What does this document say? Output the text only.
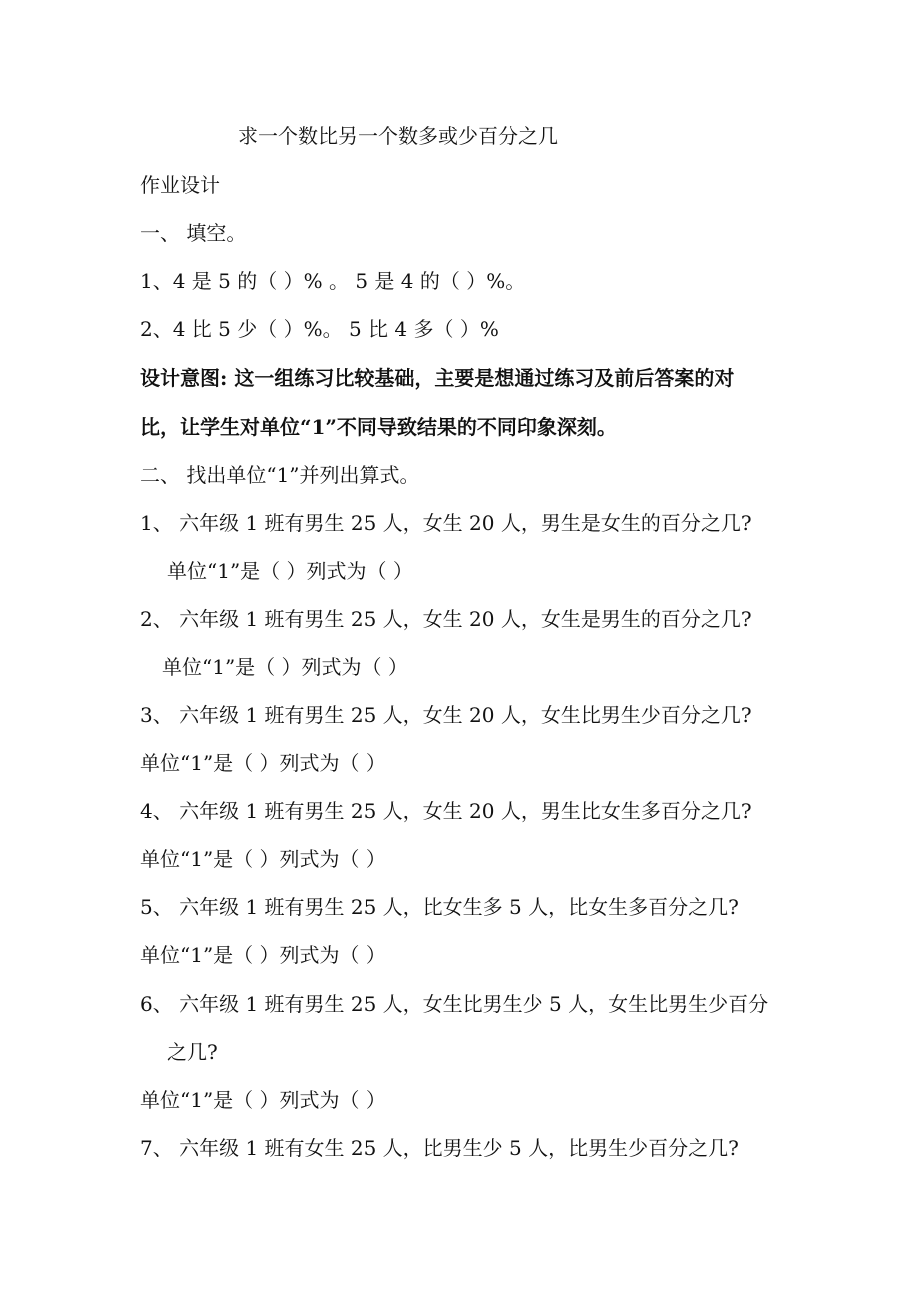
求一个数比另一个数多或少百分之几
作业设计
一、 填空。
1、4 是 5 的（ ）% 。 5 是 4 的（ ）%。
2、4 比 5 少（ ）%。 5 比 4 多（ ）%
设计意图: 这一组练习比较基础，主要是想通过练习及前后答案的对
比，让学生对单位“1”不同导致结果的不同印象深刻。
二、 找出单位“1”并列出算式。
1、 六年级 1 班有男生 25 人，女生 20 人，男生是女生的百分之几?
单位“1”是（ ）列式为（ ）
2、 六年级 1 班有男生 25 人，女生 20 人，女生是男生的百分之几?
单位“1”是（ ）列式为（ ）
3、 六年级 1 班有男生 25 人，女生 20 人，女生比男生少百分之几?
单位“1”是（ ）列式为（ ）
4、 六年级 1 班有男生 25 人，女生 20 人，男生比女生多百分之几?
单位“1”是（ ）列式为（ ）
5、 六年级 1 班有男生 25 人，比女生多 5 人，比女生多百分之几?
单位“1”是（ ）列式为（ ）
6、 六年级 1 班有男生 25 人，女生比男生少 5 人，女生比男生少百分
之几?
单位“1”是（ ）列式为（ ）
7、 六年级 1 班有女生 25 人，比男生少 5 人，比男生少百分之几?
